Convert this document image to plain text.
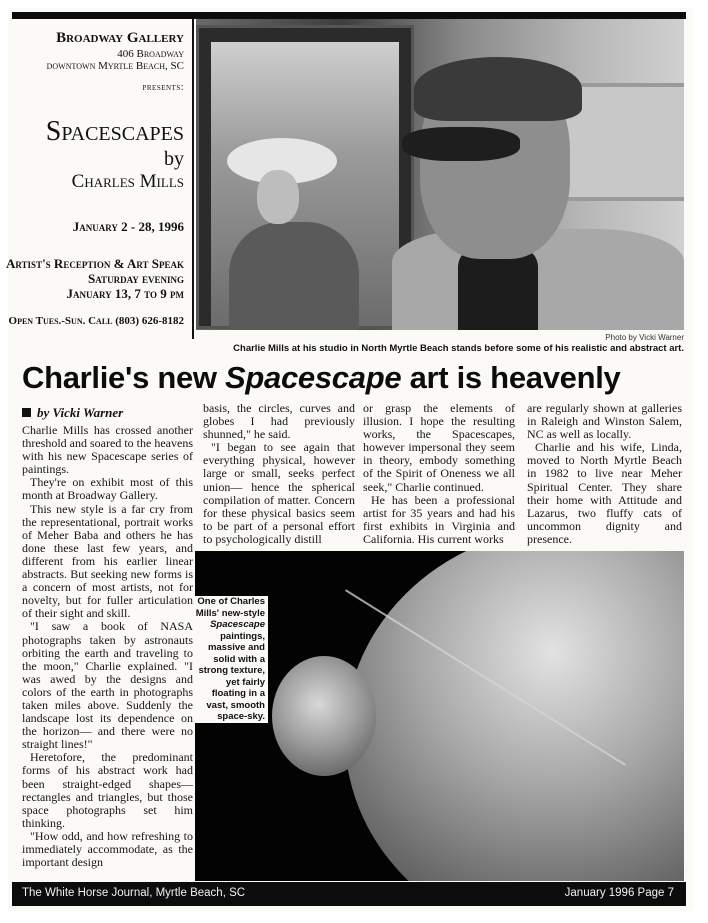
Broadway Gallery
406 Broadway
downtown Myrtle Beach, SC
presents:
Spacescapes
by
Charles Mills
January 2 - 28, 1996
Artist's Reception & Art Speak
Saturday evening
January 13, 7 to 9 pm
Open Tues.-Sun. Call (803) 626-8182
Photo by Vicki Warner
Charlie Mills at his studio in North Myrtle Beach stands before some of his realistic and abstract art.
Charlie's new Spacescape art is heavenly
by Vicki Warner

Charlie Mills has crossed another threshold and soared to the heavens with his new Spacescape series of paintings.

They're on exhibit most of this month at Broadway Gallery.

This new style is a far cry from the representational, portrait works of Meher Baba and others he has done these last few years, and different from his earlier linear abstracts. But seeking new forms is a concern of most artists, not for novelty, but for fuller articulation of their sight and skill.

"I saw a book of NASA photographs taken by astronauts orbiting the earth and traveling to the moon," Charlie explained. "I was awed by the designs and colors of the earth in photographs taken miles above. Suddenly the landscape lost its dependence on the horizon— and there were no straight lines!"

Heretofore, the predominant forms of his abstract work had been straight-edged shapes— rectangles and triangles, but those space photographs set him thinking.

"How odd, and how refreshing to immediately accommodate, as the important design

basis, the circles, curves and globes I had previously shunned," he said.

"I began to see again that everything physical, however large or small, seeks perfect union— hence the spherical compilation of matter. Concern for these physical basics seem to be part of a personal effort to psychologically distill

or grasp the elements of illusion. I hope the resulting works, the Spacescapes, however impersonal they seem in theory, embody something of the Spirit of Oneness we all seek," Charlie continued.

He has been a professional artist for 35 years and had his first exhibits in Virginia and California. His current works

are regularly shown at galleries in Raleigh and Winston Salem, NC as well as locally.

Charlie and his wife, Linda, moved to North Myrtle Beach in 1982 to live near Meher Spiritual Center. They share their home with Attitude and Lazarus, two fluffy cats of uncommon dignity and presence.

One of Charles Mills' new-style Spacescape paintings, massive and solid with a strong texture, yet fairly floating in a vast, smooth space-sky.
The White Horse Journal, Myrtle Beach, SC	January 1996 Page 7
